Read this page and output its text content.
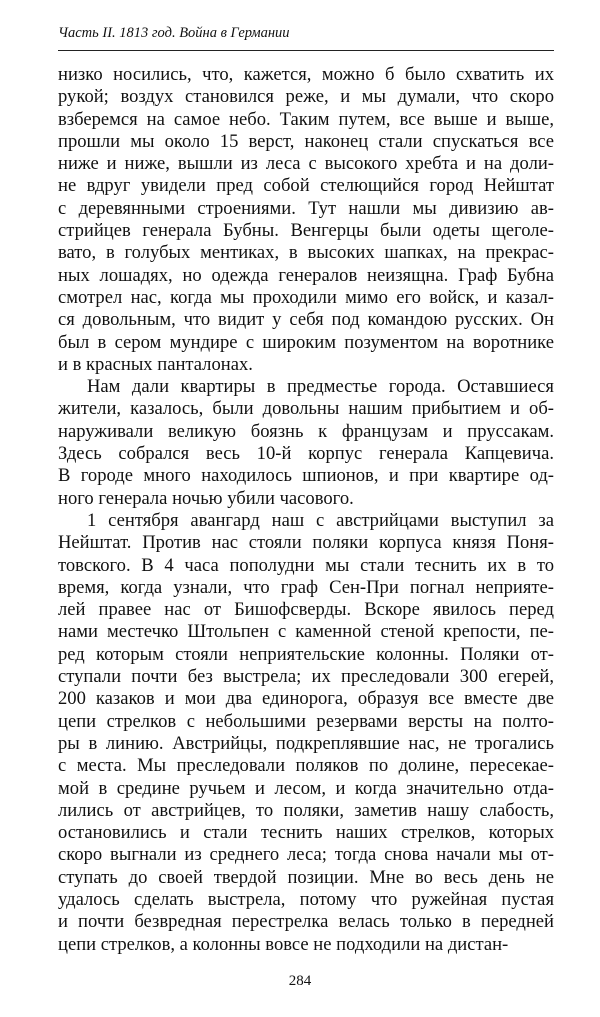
Часть II. 1813 год. Война в Германии
низко носились, что, кажется, можно б было схватить их
рукой; воздух становился реже, и мы думали, что скоро
взберемся на самое небо. Таким путем, все выше и выше,
прошли мы около 15 верст, наконец стали спускаться все
ниже и ниже, вышли из леса с высокого хребта и на доли-
не вдруг увидели пред собой стелющийся город Нейштат
с деревянными строениями. Тут нашли мы дивизию ав-
стрийцев генерала Бубны. Венгерцы были одеты щеголе-
вато, в голубых ментиках, в высоких шапках, на прекрас-
ных лошадях, но одежда генералов неизящна. Граф Бубна
смотрел нас, когда мы проходили мимо его войск, и казал-
ся довольным, что видит у себя под командою русских. Он
был в сером мундире с широким позументом на воротнике
и в красных панталонах.
Нам дали квартиры в предместье города. Оставшиеся
жители, казалось, были довольны нашим прибытием и об-
наруживали великую боязнь к французам и пруссакам.
Здесь собрался весь 10-й корпус генерала Капцевича.
В городе много находилось шпионов, и при квартире од-
ного генерала ночью убили часового.
1 сентября авангард наш с австрийцами выступил за
Нейштат. Против нас стояли поляки корпуса князя Поня-
товского. В 4 часа пополудни мы стали теснить их в то
время, когда узнали, что граф Сен-При погнал неприяте-
лей правее нас от Бишофсверды. Вскоре явилось перед
нами местечко Штольпен с каменной стеной крепости, пе-
ред которым стояли неприятельские колонны. Поляки от-
ступали почти без выстрела; их преследовали 300 егерей,
200 казаков и мои два единорога, образуя все вместе две
цепи стрелков с небольшими резервами версты на полто-
ры в линию. Австрийцы, подкреплявшие нас, не трогались
с места. Мы преследовали поляков по долине, пересекае-
мой в средине ручьем и лесом, и когда значительно отда-
лились от австрийцев, то поляки, заметив нашу слабость,
остановились и стали теснить наших стрелков, которых
скоро выгнали из среднего леса; тогда снова начали мы от-
ступать до своей твердой позиции. Мне во весь день не
удалось сделать выстрела, потому что ружейная пустая
и почти безвредная перестрелка велась только в передней
цепи стрелков, а колонны вовсе не подходили на дистан-
284
